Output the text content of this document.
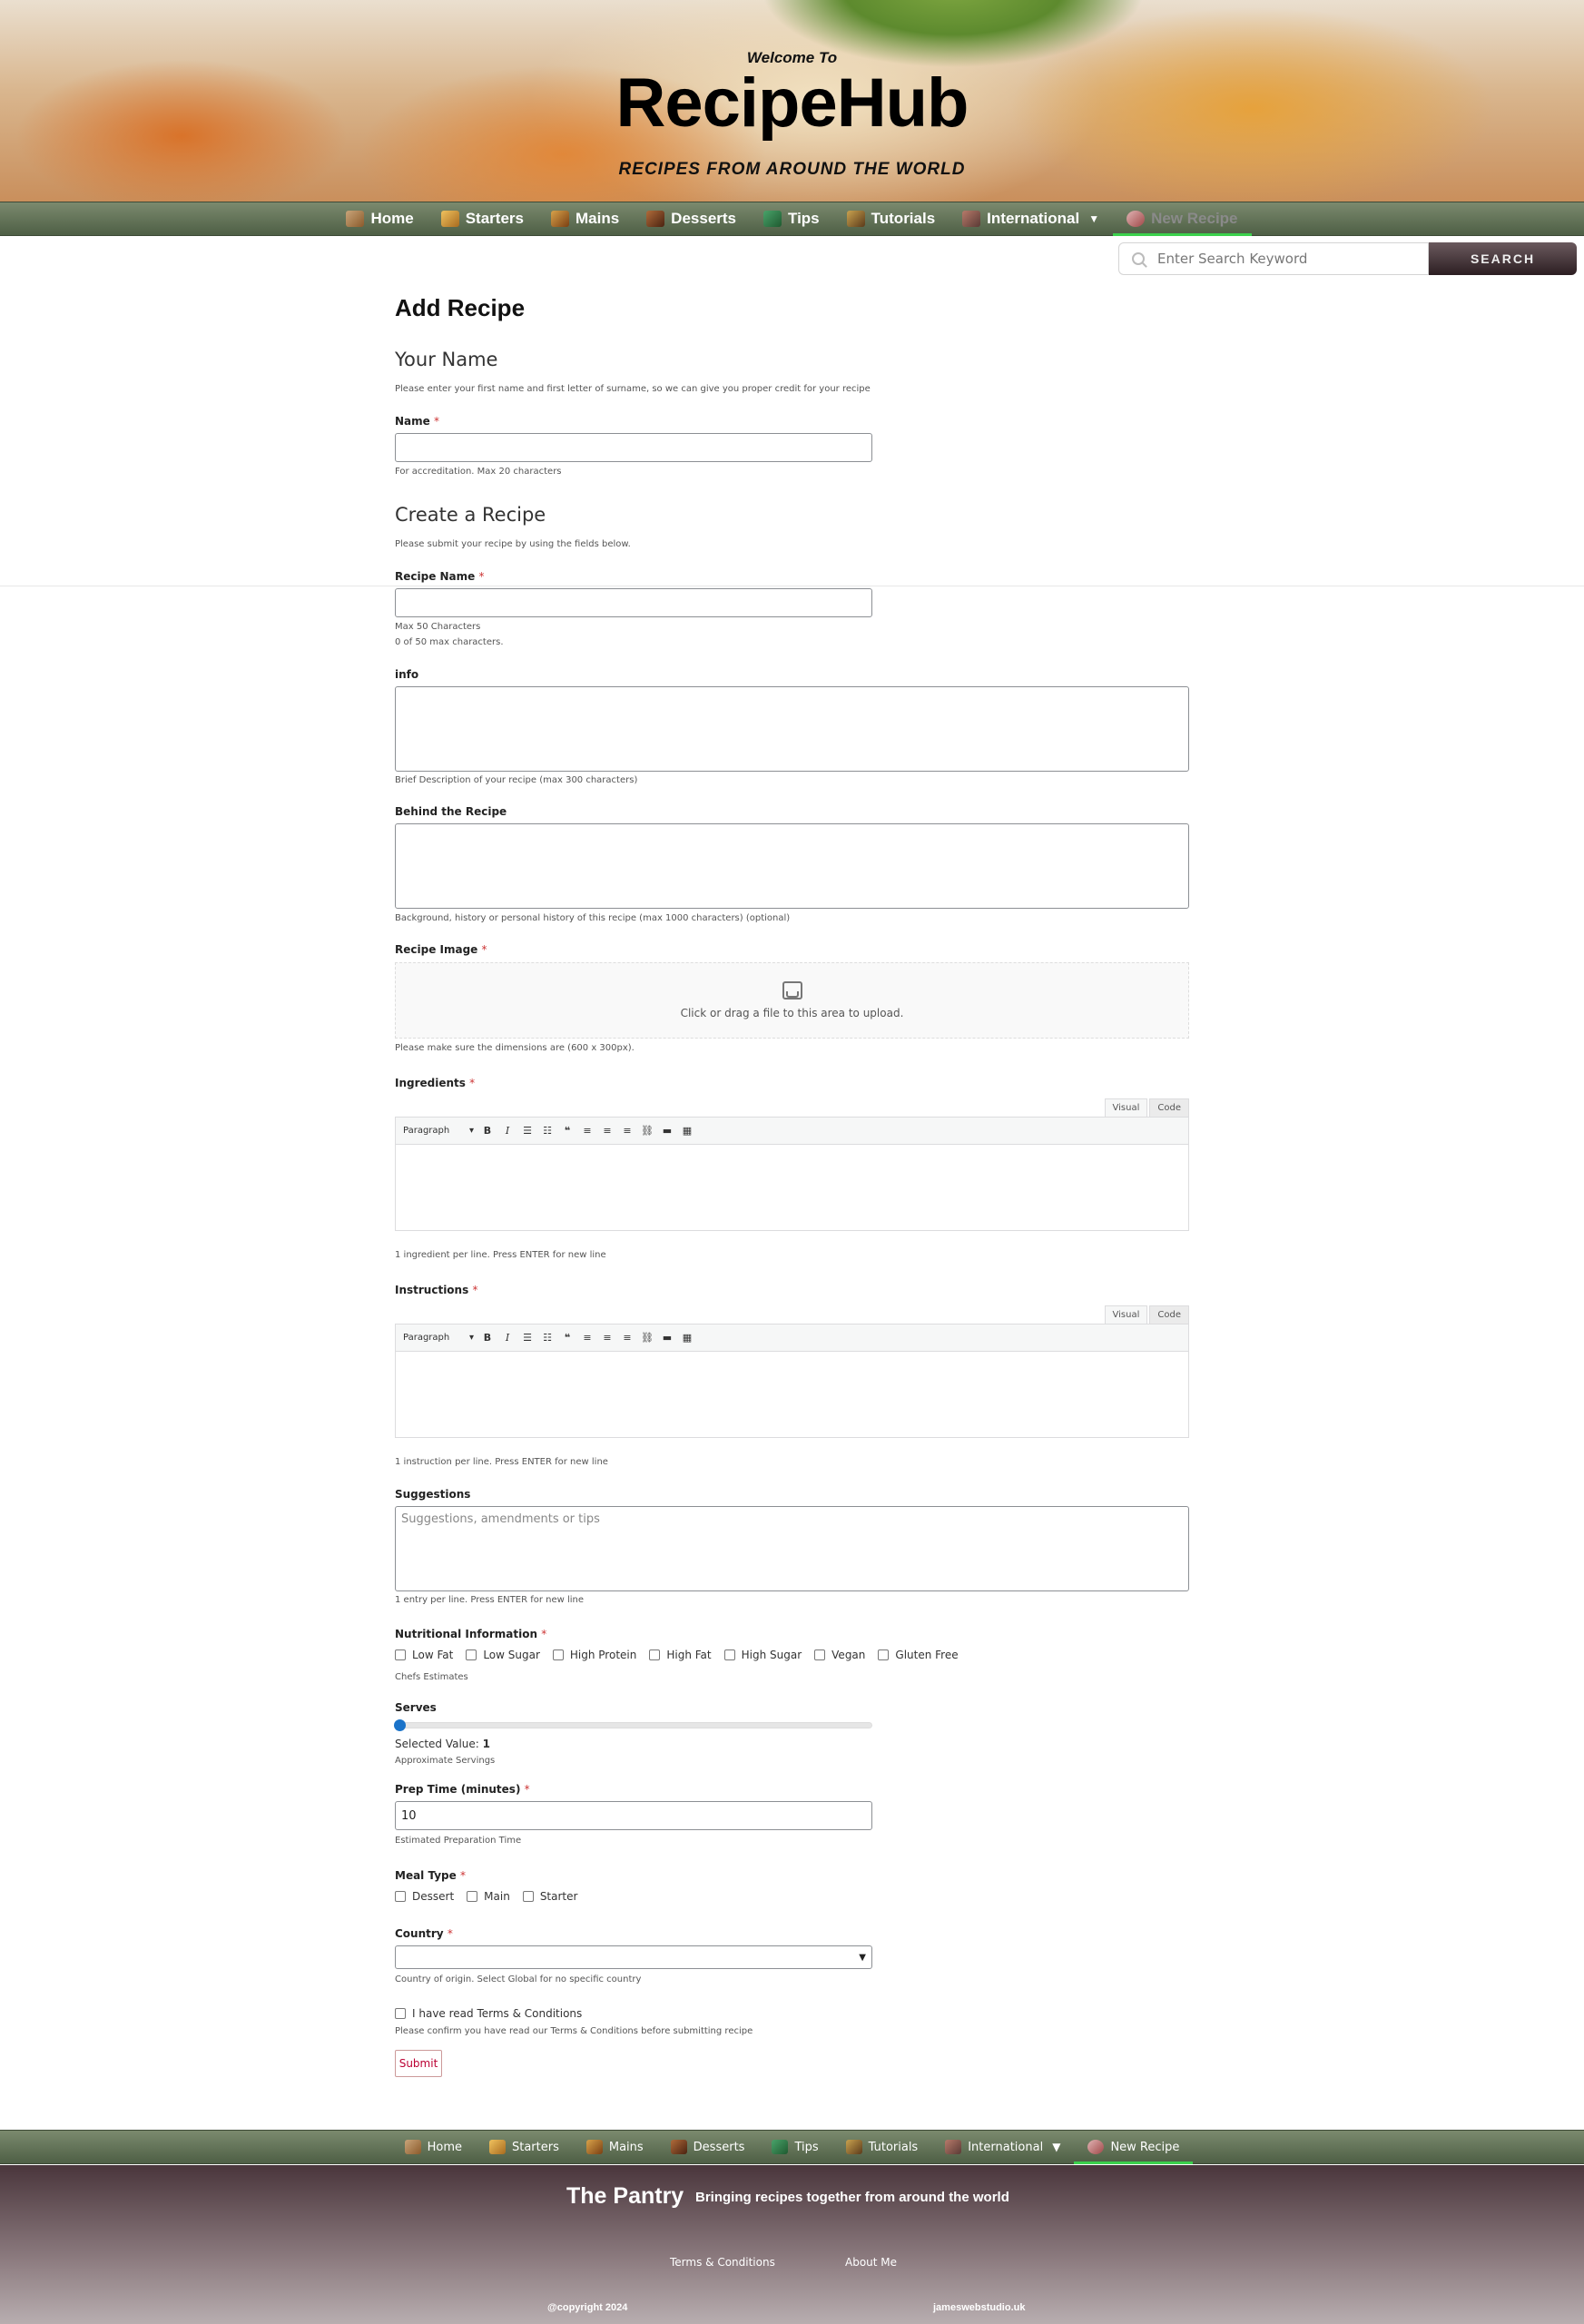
Welcome To
RecipeHub
RECIPES FROM AROUND THE WORLD
Home	Starters	Mains	Desserts	Tips	Tutorials	International ▼	New Recipe
Enter Search Keyword
SEARCH
Add Recipe
Your Name
Please enter your first name and first letter of surname, so we can give you proper credit for your recipe
Name *
For accreditation. Max 20 characters
Create a Recipe
Please submit your recipe by using the fields below.
Recipe Name *
Max 50 Characters
0 of 50 max characters.
info
Brief Description of your recipe (max 300 characters)
Behind the Recipe
Background, history or personal history of this recipe (max 1000 characters) (optional)
Recipe Image *
Click or drag a file to this area to upload.
Please make sure the dimensions are (600 x 300px).
Ingredients *
Visual	Code
Paragraph ▾ B	I	☰	☷	❝	≡	≡	≡ ⛓ ▬	▦
1 ingredient per line. Press ENTER for new line
Instructions *
Visual	Code
Paragraph ▾ B	I	☰	☷	❝	≡	≡	≡ ⛓ ▬	▦
1 instruction per line. Press ENTER for new line
Suggestions
Suggestions, amendments or tips
1 entry per line. Press ENTER for new line
Nutritional Information *
Low Fat	Low Sugar	High Protein	High Fat	High Sugar	Vegan	Gluten Free
Chefs Estimates
Serves
Selected Value: 1
Approximate Servings
Prep Time (minutes) *
10
Estimated Preparation Time
Meal Type *
Dessert	Main	Starter
Country *
▼
Country of origin. Select Global for no specific country
I have read Terms & Conditions
Please confirm you have read our Terms & Conditions before submitting recipe
Submit
Home	Starters	Mains	Desserts	Tips	Tutorials	International ▼	New Recipe
The Pantry Bringing recipes together from around the world
Terms & Conditions	About Me
@copyright 2024	jameswebstudio.uk
